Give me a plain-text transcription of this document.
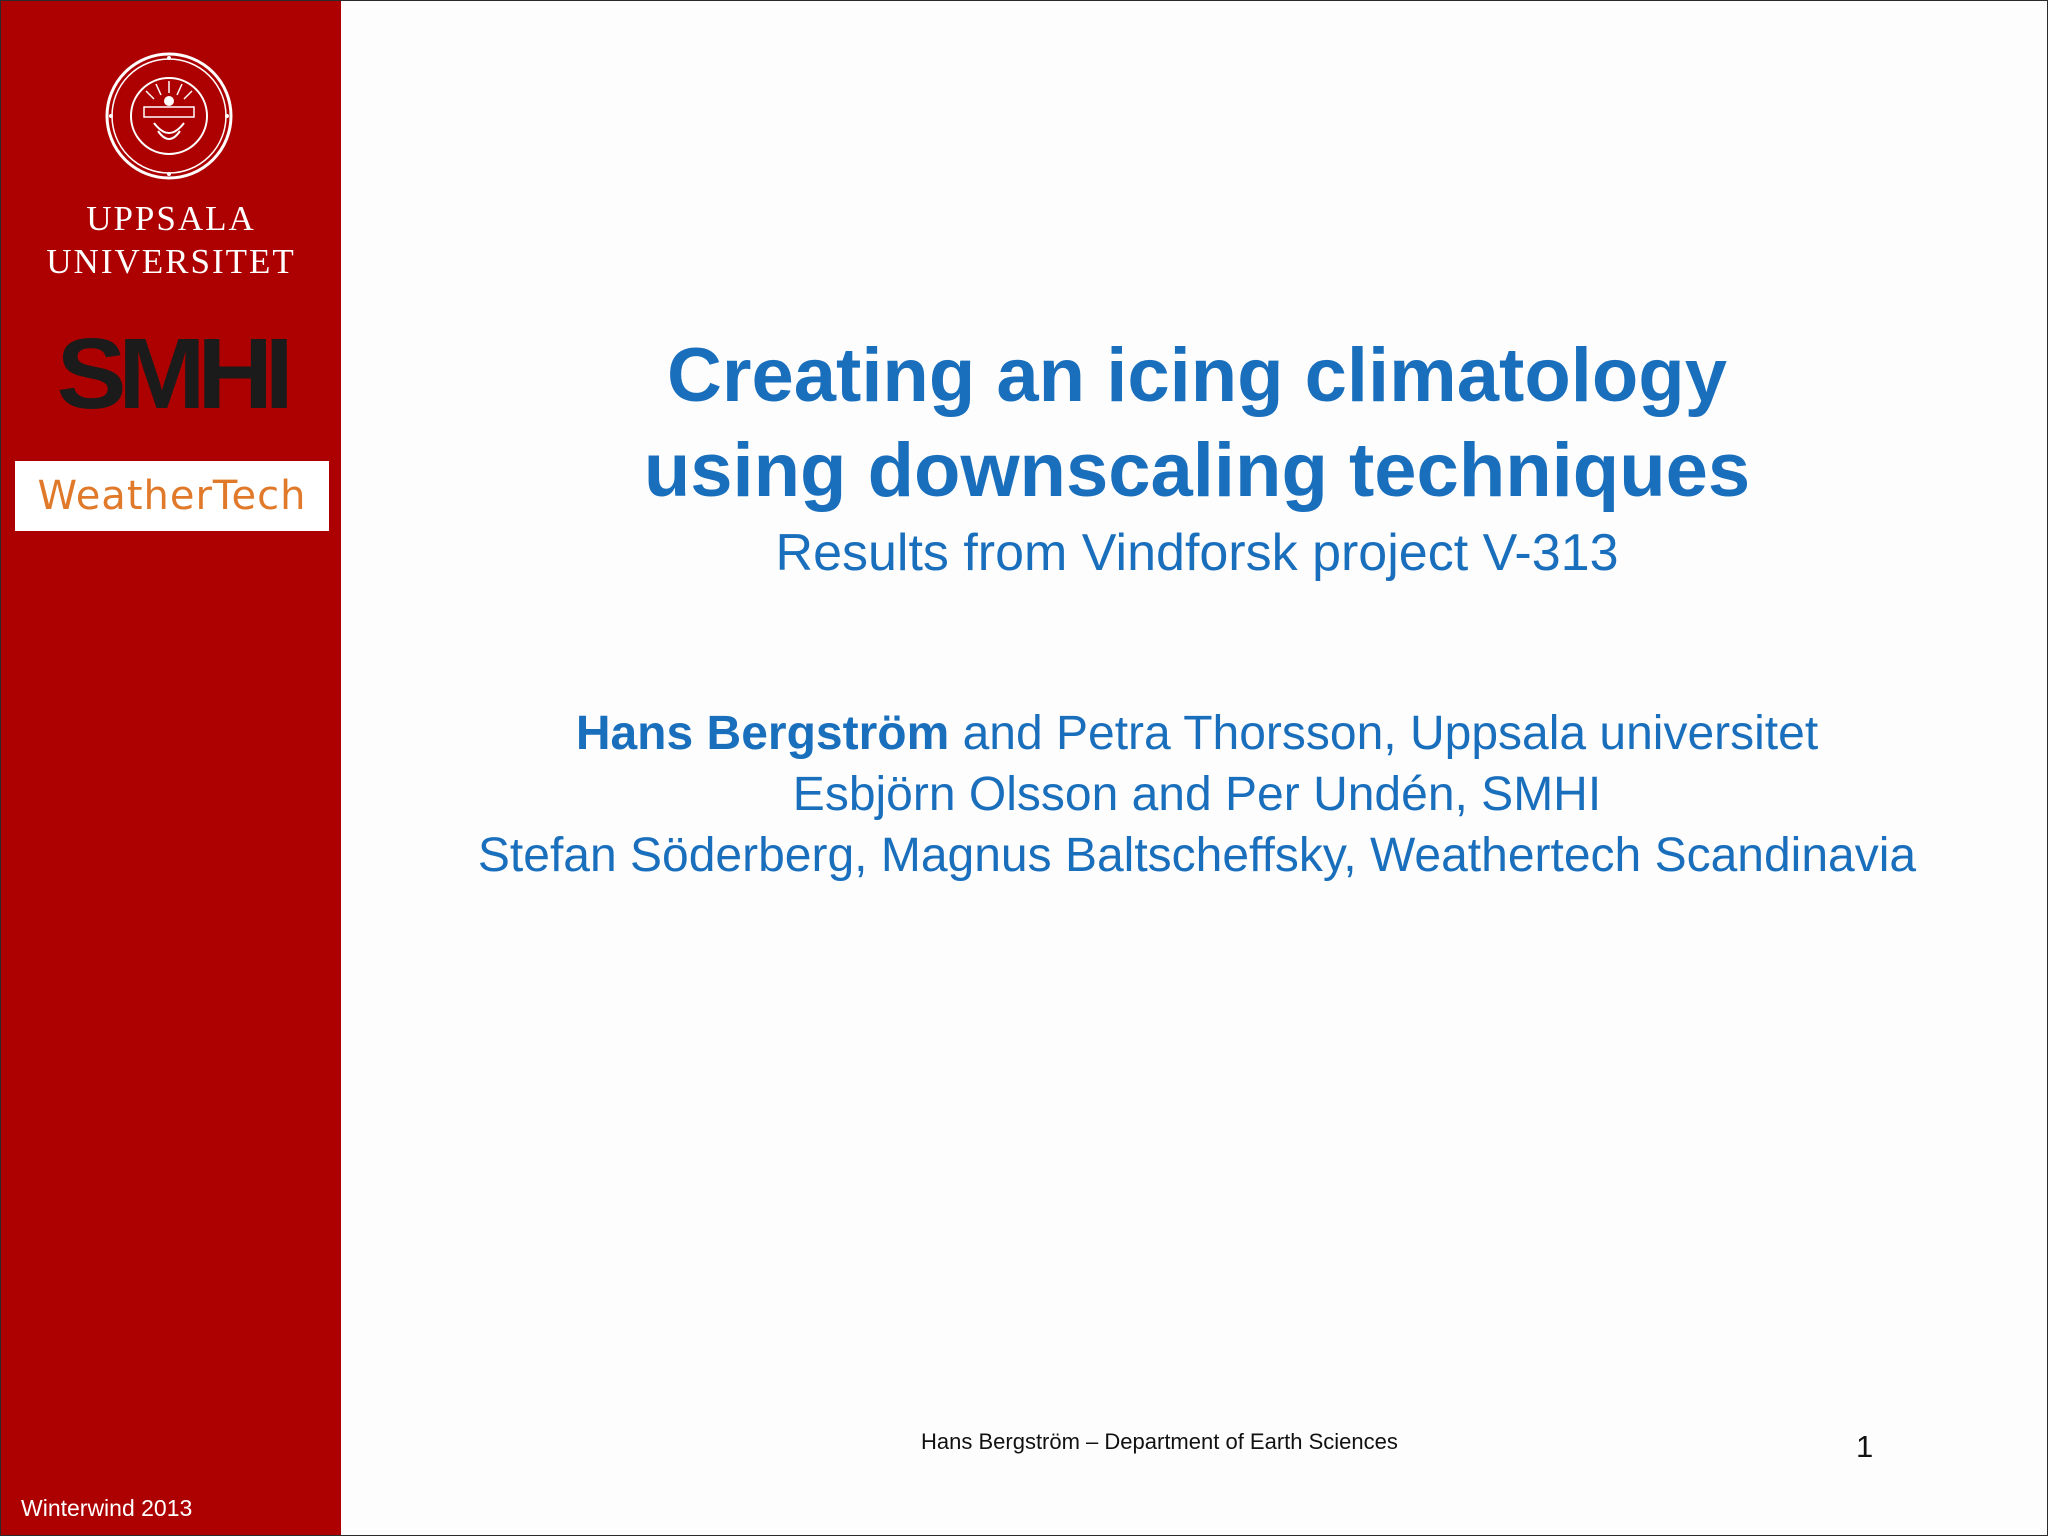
UPPSALA
UNIVERSITET
SMHI
WeatherTech
Winterwind 2013
Creating an icing climatology
using downscaling techniques
Results from Vindforsk project V-313
Hans Bergström and Petra Thorsson, Uppsala universitet
Esbjörn Olsson and Per Undén, SMHI
Stefan Söderberg, Magnus Baltscheffsky, Weathertech Scandinavia
Hans Bergström – Department of Earth Sciences	1
